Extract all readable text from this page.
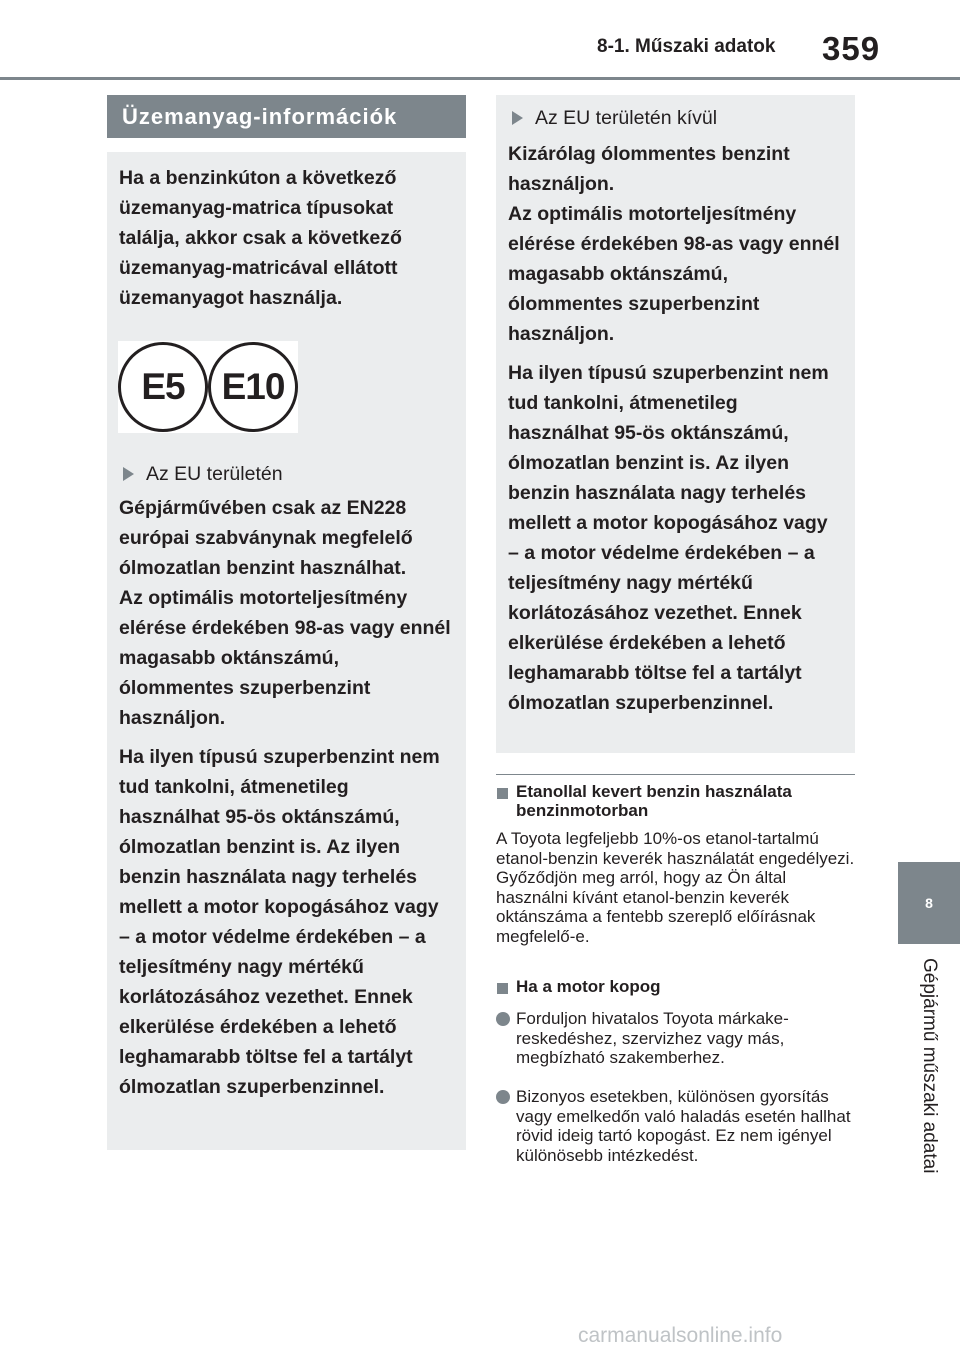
8-1. Műszaki adatok 359
8
Gépjármű műszaki adatai
Üzemanyag-információk

Ha a benzinkúton a következő üzemanyag-matrica típusokat találja, akkor csak a következő üzemanyag-matricával ellátott üzemanyagot használja.

E5 E10
Az EU területén

Gépjárművében csak az EN228 európai szabványnak megfelelő ólmozatlan benzint használhat.

Az optimális motorteljesítmény elérése érdekében 98-as vagy ennél magasabb oktánszámú, ólommentes szuperbenzint használjon.

Ha ilyen típusú szuperbenzint nem tud tankolni, átmenetileg használhat 95-ös oktánszámú, ólmozatlan benzint is. Az ilyen benzin használata nagy terhelés mellett a motor kopogásához vagy – a motor védelme érdekében – a teljesítmény nagy mértékű korlátozásához vezethet. Ennek elkerülése érdekében a lehető leghamarabb töltse fel a tartályt ólmozatlan szuperbenzinnel.

Az EU területén kívül

Kizárólag ólommentes benzint használjon.

Az optimális motorteljesítmény elérése érdekében 98-as vagy ennél magasabb oktánszámú, ólommentes szuperbenzint használjon.

Ha ilyen típusú szuperbenzint nem tud tankolni, átmenetileg használhat 95-ös oktánszámú, ólmozatlan benzint is. Az ilyen benzin használata nagy terhelés mellett a motor kopogásához vagy – a motor védelme érdekében – a teljesítmény nagy mértékű korlátozásához vezethet. Ennek elkerülése érdekében a lehető leghamarabb töltse fel a tartályt ólmozatlan szuperbenzinnel.

Etanollal kevert benzin használata benzinmotorban

A Toyota legfeljebb 10%-os etanol-tartalmú etanol-benzin keverék használatát engedélyezi. Győződjön meg arról, hogy az Ön által használni kívánt etanol-benzin keverék oktánszáma a fentebb szereplő előírásnak megfelelő-e.

Ha a motor kopog
Forduljon hivatalos Toyota márkakereskedéshez, szervizhez vagy más, megbízható szakemberhez.
Bizonyos esetekben, különösen gyorsítás vagy emelkedőn való haladás esetén hallhat rövid ideig tartó kopogást. Ez nem igényel különösebb intézkedést.
carmanualsonline.info
